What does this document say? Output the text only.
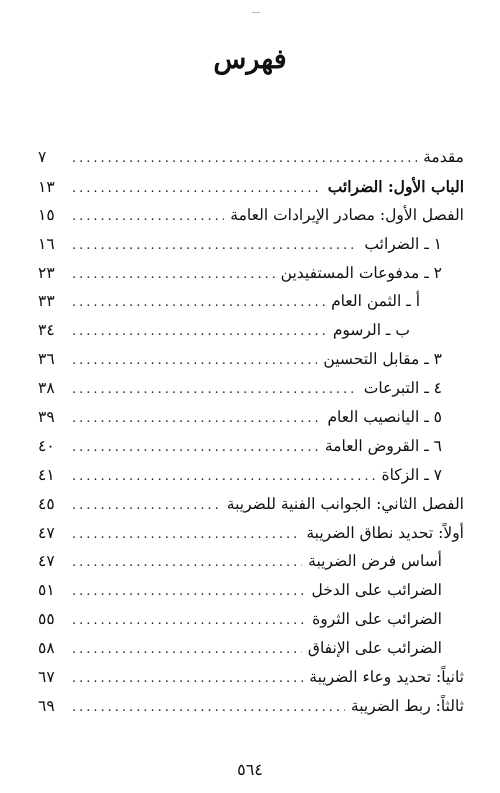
فهرس
مقدمة
.....
٧
الباب الأول: الضرائب
.....
١٣
الفصل الأول: مصادر الإيرادات العامة
.....
١٥
١ ـ الضرائب
.....
١٦
٢ ـ مدفوعات المستفيدين
.....
٢٣
أ ـ الثمن العام
.....
٣٣
ب ـ الرسوم
.....
٣٤
٣ ـ مقابل التحسين
.....
٣٦
٤ ـ التبرعات
.....
٣٨
٥ ـ اليانصيب العام
.....
٣٩
٦ ـ القروض العامة
.....
٤٠
٧ ـ الزكاة
.....
٤١
الفصل الثاني: الجوانب الفنية للضريبة
.....
٤٥
أولاً: تحديد نطاق الضريبة
.....
٤٧
أساس فرض الضريبة
.....
٤٧
الضرائب على الدخل
.....
٥١
الضرائب على الثروة
.....
٥٥
الضرائب على الإنفاق
.....
٥٨
ثانياً: تحديد وعاء الضريبة
.....
٦٧
ثالثاً: ربط الضريبة
.....
٦٩
٥٦٤
